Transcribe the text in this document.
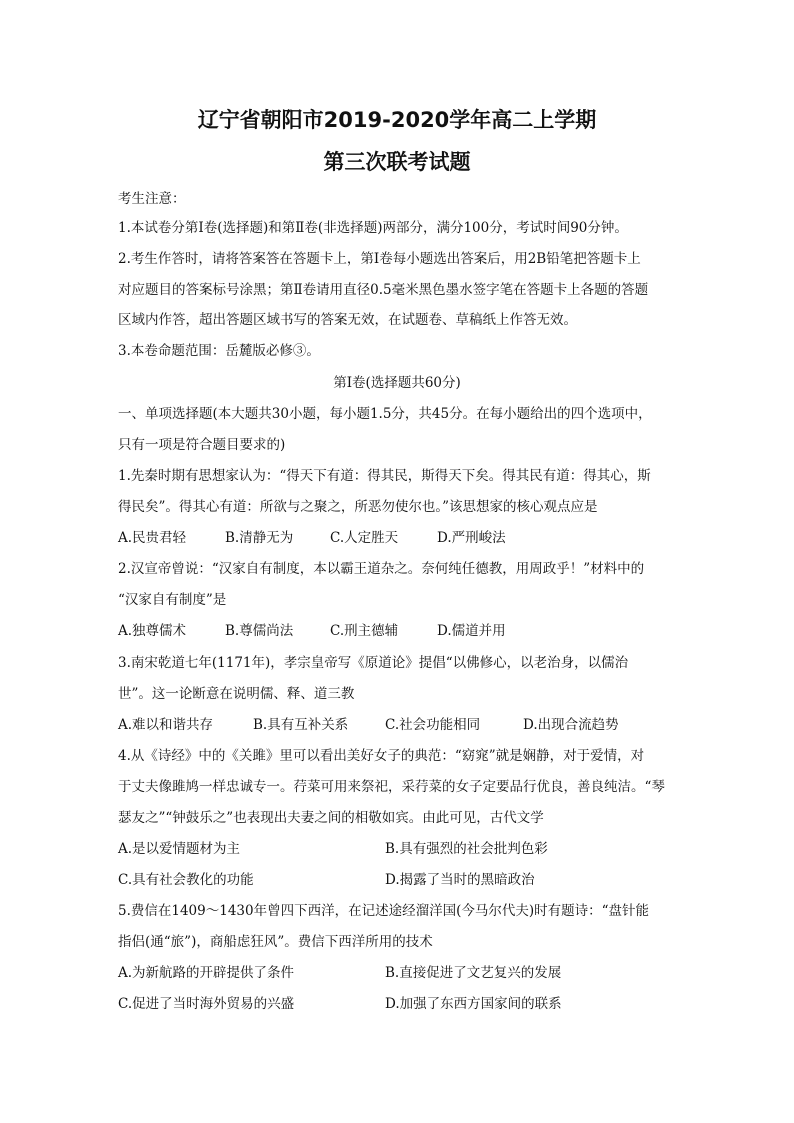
辽宁省朝阳市2019-2020学年高二上学期
第三次联考试题
考生注意：
1.本试卷分第Ⅰ卷(选择题)和第Ⅱ卷(非选择题)两部分，满分100分，考试时间90分钟。
2.考生作答时，请将答案答在答题卡上，第Ⅰ卷每小题选出答案后，用2B铅笔把答题卡上
对应题目的答案标号涂黑；第Ⅱ卷请用直径0.5毫米黑色墨水签字笔在答题卡上各题的答题
区域内作答，超出答题区域书写的答案无效，在试题卷、草稿纸上作答无效。
3.本卷命题范围：岳麓版必修③。
第Ⅰ卷(选择题共60分)
一、单项选择题(本大题共30小题，每小题1.5分，共45分。在每小题给出的四个选项中，
只有一项是符合题目要求的)
1.先秦时期有思想家认为：“得天下有道：得其民，斯得天下矣。得其民有道：得其心，斯
得民矣”。得其心有道：所欲与之聚之，所恶勿使尔也。”该思想家的核心观点应是
A.民贵君轻	B.清静无为	C.人定胜天	D.严刑峻法
2.汉宣帝曾说：“汉家自有制度，本以霸王道杂之。奈何纯任德教，用周政乎！”材料中的
“汉家自有制度”是
A.独尊儒术	B.尊儒尚法	C.刑主德辅	D.儒道并用
3.南宋乾道七年(1171年)，孝宗皇帝写《原道论》提倡“以佛修心，以老治身，以儒治
世”。这一论断意在说明儒、释、道三教
A.难以和谐共存	B.具有互补关系	C.社会功能相同	D.出现合流趋势
4.从《诗经》中的《关雎》里可以看出美好女子的典范：“窈窕”就是娴静，对于爱情，对
于丈夫像雎鸠一样忠诚专一。荇菜可用来祭祀，采荇菜的女子定要品行优良，善良纯洁。“琴
瑟友之”“钟鼓乐之”也表现出夫妻之间的相敬如宾。由此可见，古代文学
A.是以爱情题材为主	B.具有强烈的社会批判色彩
C.具有社会教化的功能	D.揭露了当时的黑暗政治
5.费信在1409～1430年曾四下西洋，在记述途经溜洋国(今马尔代夫)时有题诗：“盘针能
指侣(通“旅”)，商船虑狂风”。费信下西洋所用的技术
A.为新航路的开辟提供了条件	B.直接促进了文艺复兴的发展
C.促进了当时海外贸易的兴盛	D.加强了东西方国家间的联系
